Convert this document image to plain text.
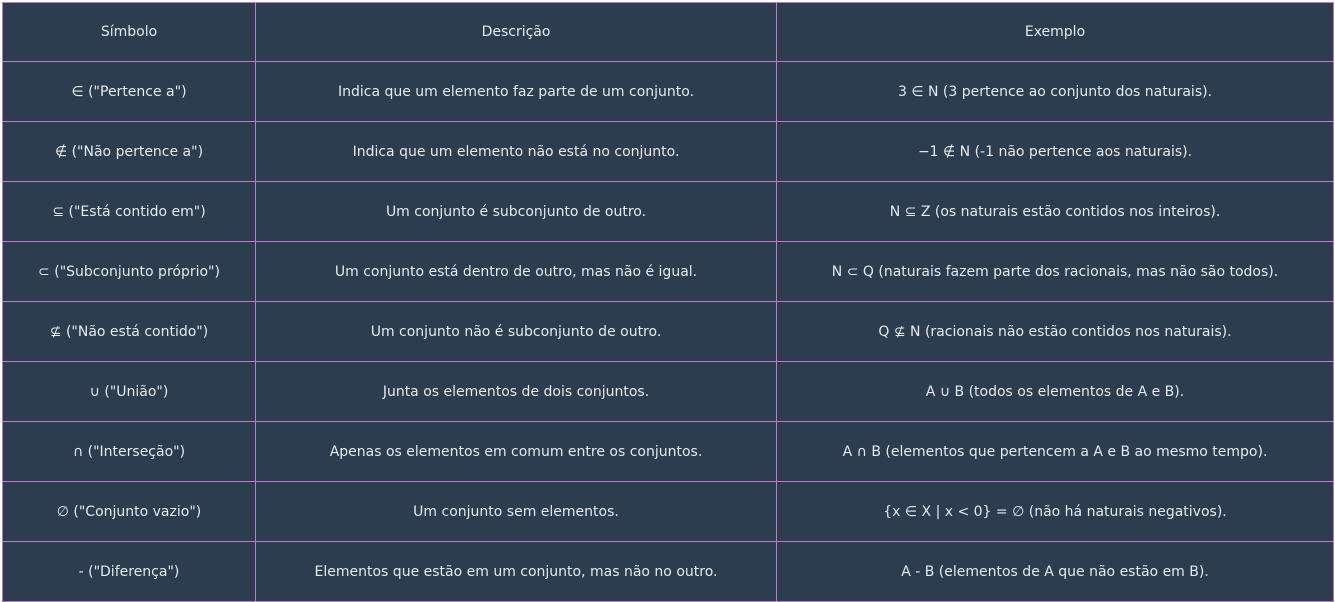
Símbolo	Descrição	Exemplo
∈ ("Pertence a")	Indica que um elemento faz parte de um conjunto.	3 ∈ N (3 pertence ao conjunto dos naturais).
∉ ("Não pertence a")	Indica que um elemento não está no conjunto.	−1 ∉ N (-1 não pertence aos naturais).
⊆ ("Está contido em")	Um conjunto é subconjunto de outro.	N ⊆ Z (os naturais estão contidos nos inteiros).
⊂ ("Subconjunto próprio")	Um conjunto está dentro de outro, mas não é igual.	N ⊂ Q (naturais fazem parte dos racionais, mas não são todos).
⊈ ("Não está contido")	Um conjunto não é subconjunto de outro.	Q ⊈ N (racionais não estão contidos nos naturais).
∪ ("União")	Junta os elementos de dois conjuntos.	A ∪ B (todos os elementos de A e B).
∩ ("Interseção")	Apenas os elementos em comum entre os conjuntos.	A ∩ B (elementos que pertencem a A e B ao mesmo tempo).
∅ ("Conjunto vazio")	Um conjunto sem elementos.	{x ∈ X | x < 0} = ∅ (não há naturais negativos).
- ("Diferença")	Elementos que estão em um conjunto, mas não no outro.	A - B (elementos de A que não estão em B).
